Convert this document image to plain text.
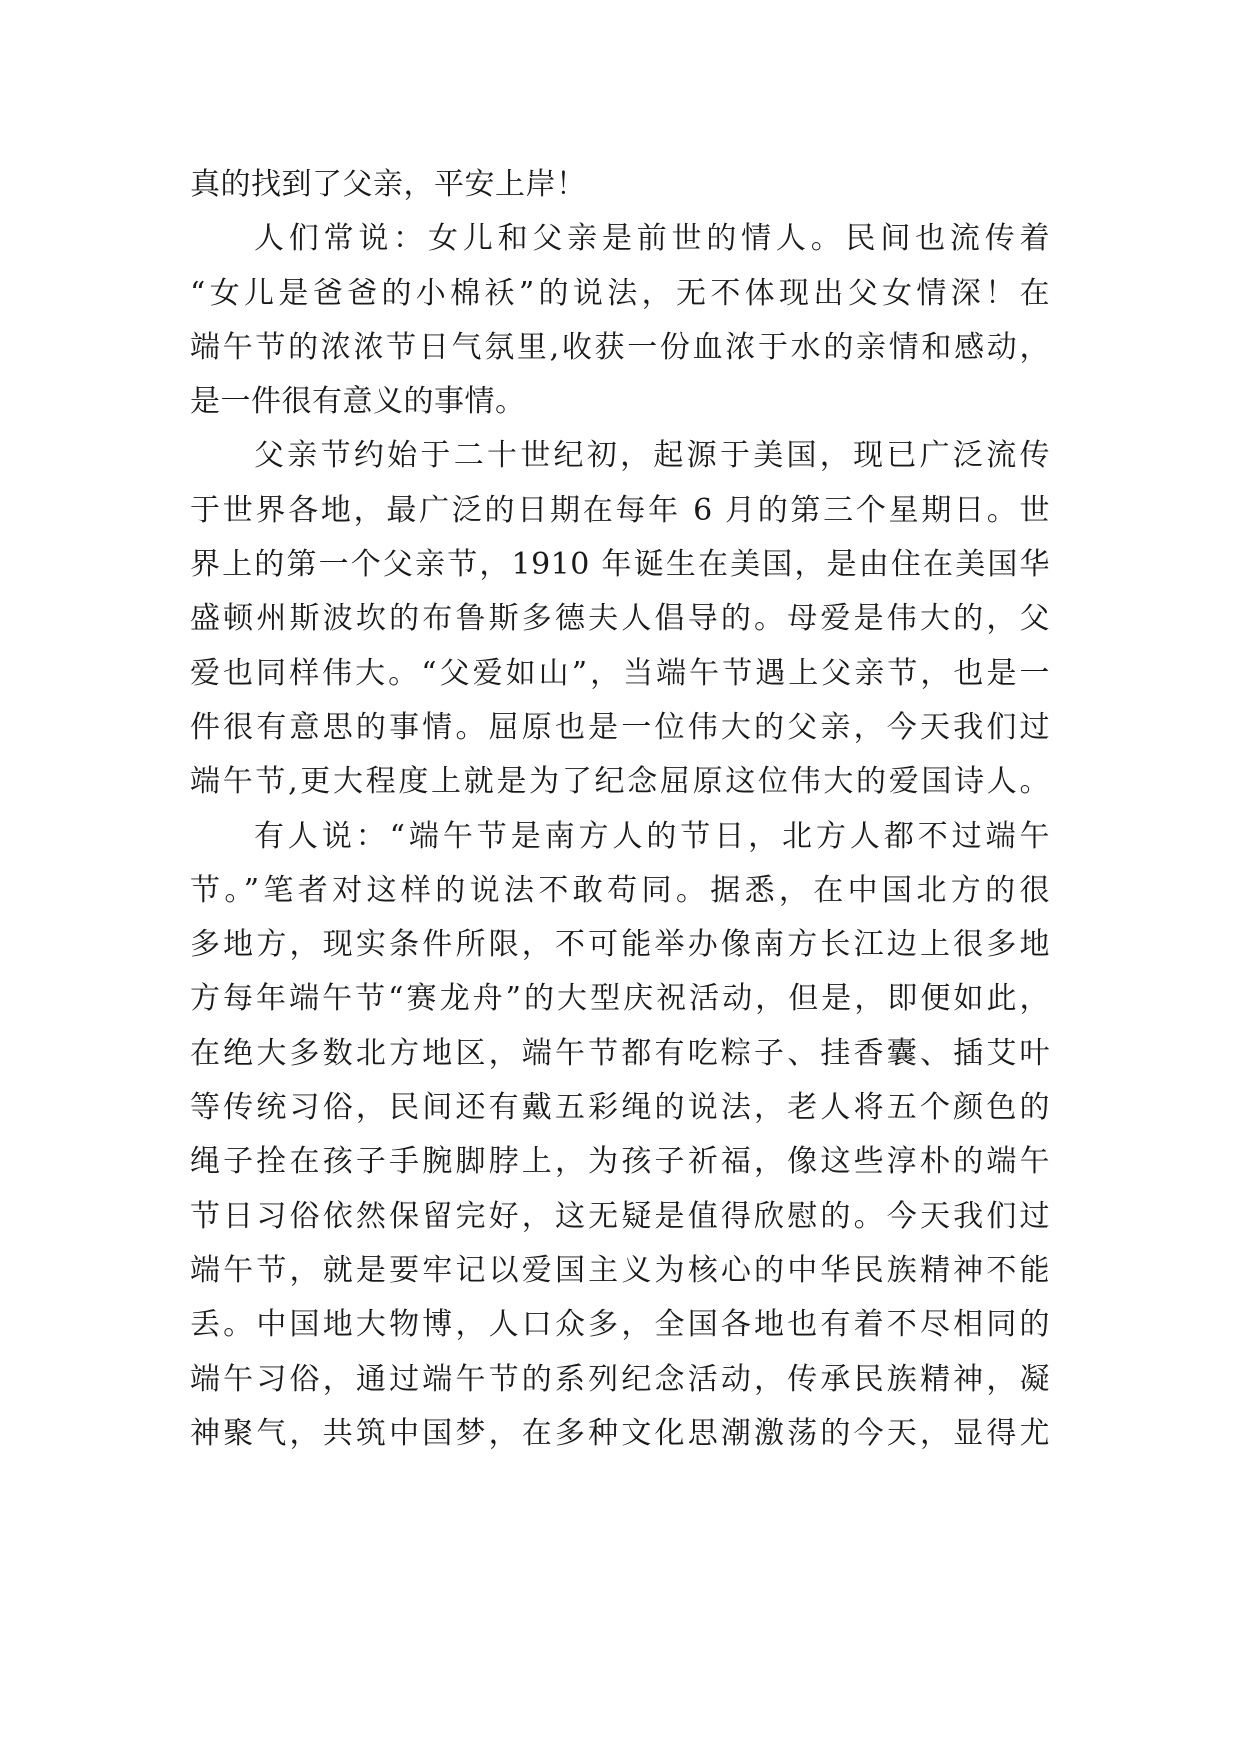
真的找到了父亲，平安上岸！

人们常说：女儿和父亲是前世的情人。民间也流传着
“女儿是爸爸的小棉袄”的说法，无不体现出父女情深！在
端午节的浓浓节日气氛里,收获一份血浓于水的亲情和感动，
是一件很有意义的事情。

父亲节约始于二十世纪初，起源于美国，现已广泛流传
于世界各地，最广泛的日期在每年 6 月的第三个星期日。世
界上的第一个父亲节，1910 年诞生在美国，是由住在美国华
盛顿州斯波坎的布鲁斯多德夫人倡导的。母爱是伟大的，父
爱也同样伟大。“父爱如山”，当端午节遇上父亲节，也是一
件很有意思的事情。屈原也是一位伟大的父亲，今天我们过
端午节,更大程度上就是为了纪念屈原这位伟大的爱国诗人。

有人说：“端午节是南方人的节日，北方人都不过端午
节。”笔者对这样的说法不敢苟同。据悉，在中国北方的很
多地方，现实条件所限，不可能举办像南方长江边上很多地
方每年端午节“赛龙舟”的大型庆祝活动，但是，即便如此，
在绝大多数北方地区，端午节都有吃粽子、挂香囊、插艾叶
等传统习俗，民间还有戴五彩绳的说法，老人将五个颜色的
绳子拴在孩子手腕脚脖上，为孩子祈福，像这些淳朴的端午
节日习俗依然保留完好，这无疑是值得欣慰的。今天我们过
端午节，就是要牢记以爱国主义为核心的中华民族精神不能
丢。中国地大物博，人口众多，全国各地也有着不尽相同的
端午习俗，通过端午节的系列纪念活动，传承民族精神，凝
神聚气，共筑中国梦，在多种文化思潮激荡的今天，显得尤
